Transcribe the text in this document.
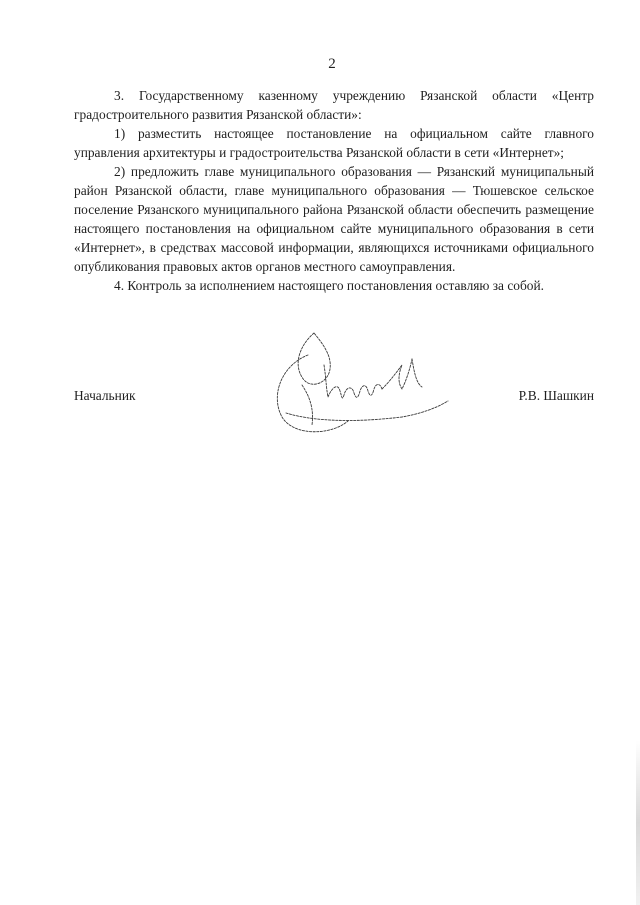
2

3. Государственному казенному учреждению Рязанской области «Центр градостроительного развития Рязанской области»:

1) разместить настоящее постановление на официальном сайте главного управления архитектуры и градостроительства Рязанской области в сети «Интернет»;

2) предложить главе муниципального образования — Рязанский муниципальный район Рязанской области, главе муниципального образования — Тюшевское сельское поселение Рязанского муниципального района Рязанской области обеспечить размещение настоящего постановления на официальном сайте муниципального образования в сети «Интернет», в средствах массовой информации, являющихся источниками официального опубликования правовых актов органов местного самоуправления.

4. Контроль за исполнением настоящего постановления оставляю за собой.

Начальник	Р.В. Шашкин
